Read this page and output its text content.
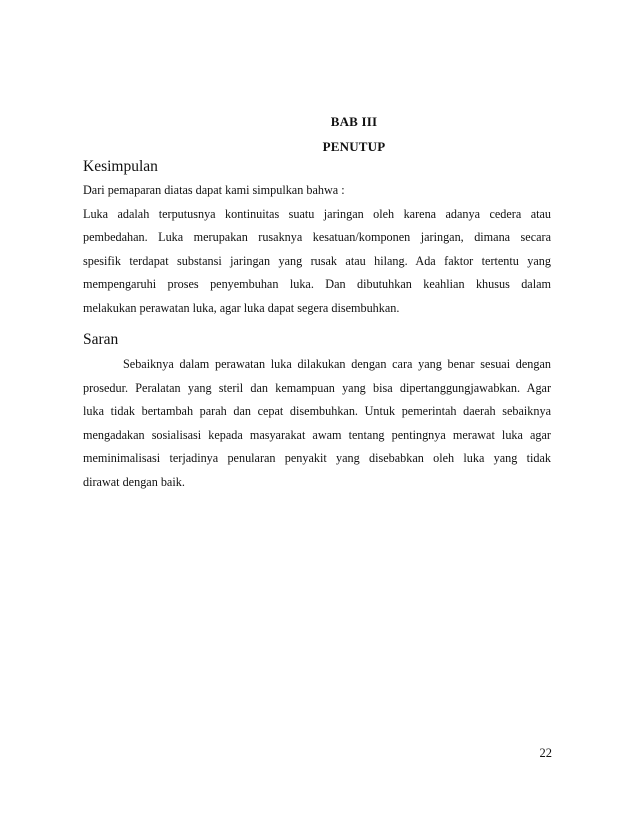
BAB III
PENUTUP
Kesimpulan
Dari pemaparan diatas dapat kami simpulkan bahwa :
Luka adalah terputusnya kontinuitas suatu jaringan oleh karena adanya cedera atau
pembedahan. Luka merupakan rusaknya kesatuan/komponen jaringan, dimana secara
spesifik terdapat substansi jaringan yang rusak atau hilang. Ada faktor tertentu yang
mempengaruhi proses penyembuhan luka. Dan dibutuhkan keahlian khusus dalam
melakukan perawatan luka, agar luka dapat segera disembuhkan.
Saran
Sebaiknya dalam perawatan luka dilakukan dengan cara yang benar sesuai dengan
prosedur. Peralatan yang steril dan kemampuan yang bisa dipertanggungjawabkan. Agar
luka tidak bertambah parah dan cepat disembuhkan. Untuk pemerintah daerah sebaiknya
mengadakan sosialisasi kepada masyarakat awam tentang pentingnya merawat luka agar
meminimalisasi terjadinya penularan penyakit yang disebabkan oleh luka yang tidak
dirawat dengan baik.
22
